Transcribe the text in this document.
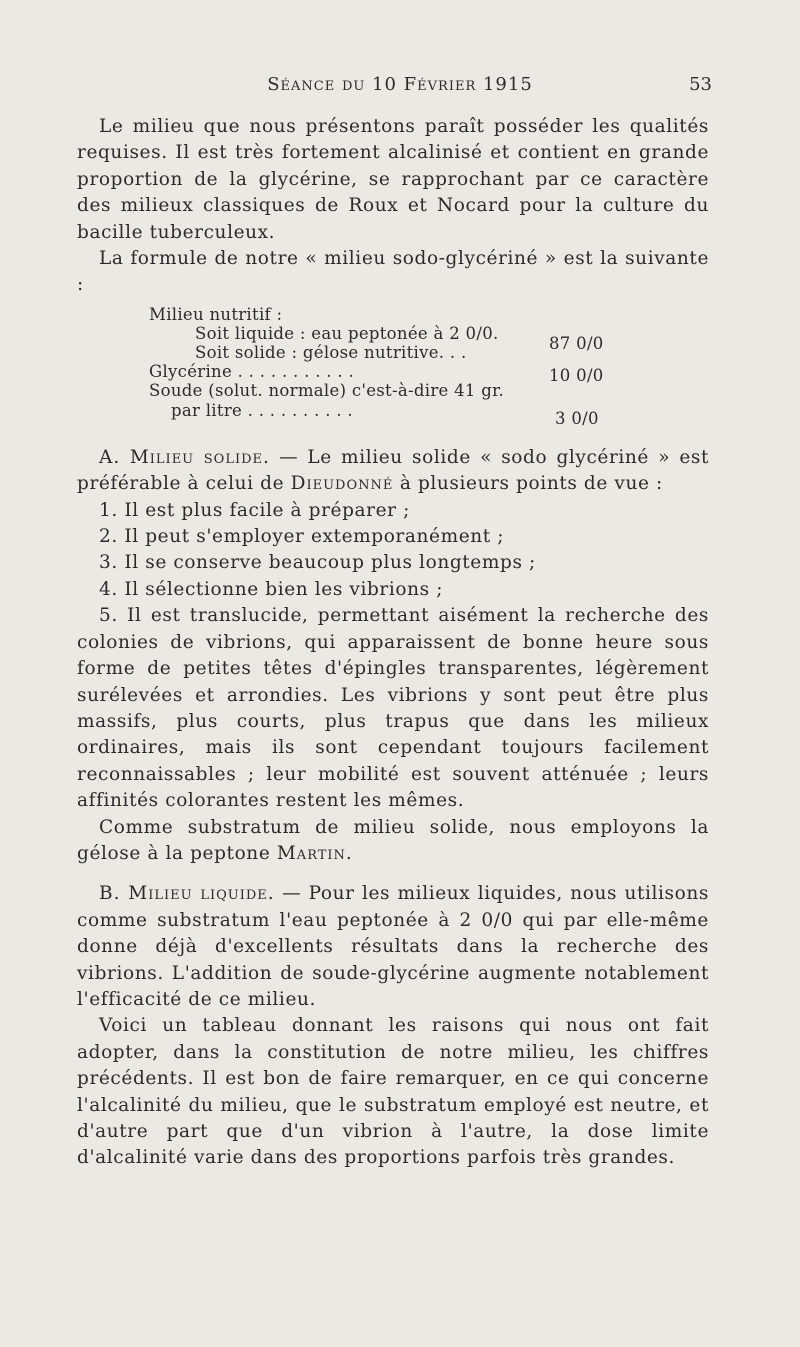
Séance du 10 Février 1915	53

Le milieu que nous présentons paraît posséder les qualités requises. Il est très fortement alcalinisé et contient en grande proportion de la glycérine, se rapprochant par ce caractère des milieux classiques de Roux et Nocard pour la culture du bacille tuberculeux.

La formule de notre « milieu sodo-glycériné » est la suivante :

Milieu nutritif :
Soit liquide : eau peptonée à 2 0/0.
Soit solide : gélose nutritive. . .	87 0/0
Glycérine . . . . . . . . . . .	10 0/0
Soude (solut. normale) c'est-à-dire 41 gr.
par litre . . . . . . . . . .	3 0/0

A. Milieu solide. — Le milieu solide « sodo glycériné » est préférable à celui de Dieudonné à plusieurs points de vue :

1. Il est plus facile à préparer ;

2. Il peut s'employer extemporanément ;

3. Il se conserve beaucoup plus longtemps ;

4. Il sélectionne bien les vibrions ;

5. Il est translucide, permettant aisément la recherche des colonies de vibrions, qui apparaissent de bonne heure sous forme de petites têtes d'épingles transparentes, légèrement surélevées et arrondies. Les vibrions y sont peut être plus massifs, plus courts, plus trapus que dans les milieux ordinaires, mais ils sont cependant toujours facilement reconnaissables ; leur mobilité est souvent atténuée ; leurs affinités colorantes restent les mêmes.

Comme substratum de milieu solide, nous employons la gélose à la peptone Martin.

B. Milieu liquide. — Pour les milieux liquides, nous utilisons comme substratum l'eau peptonée à 2 0/0 qui par elle-même donne déjà d'excellents résultats dans la recherche des vibrions. L'addition de soude-glycérine augmente notablement l'efficacité de ce milieu.

Voici un tableau donnant les raisons qui nous ont fait adopter, dans la constitution de notre milieu, les chiffres précédents. Il est bon de faire remarquer, en ce qui concerne l'alcalinité du milieu, que le substratum employé est neutre, et d'autre part que d'un vibrion à l'autre, la dose limite d'alcalinité varie dans des proportions parfois très grandes.
